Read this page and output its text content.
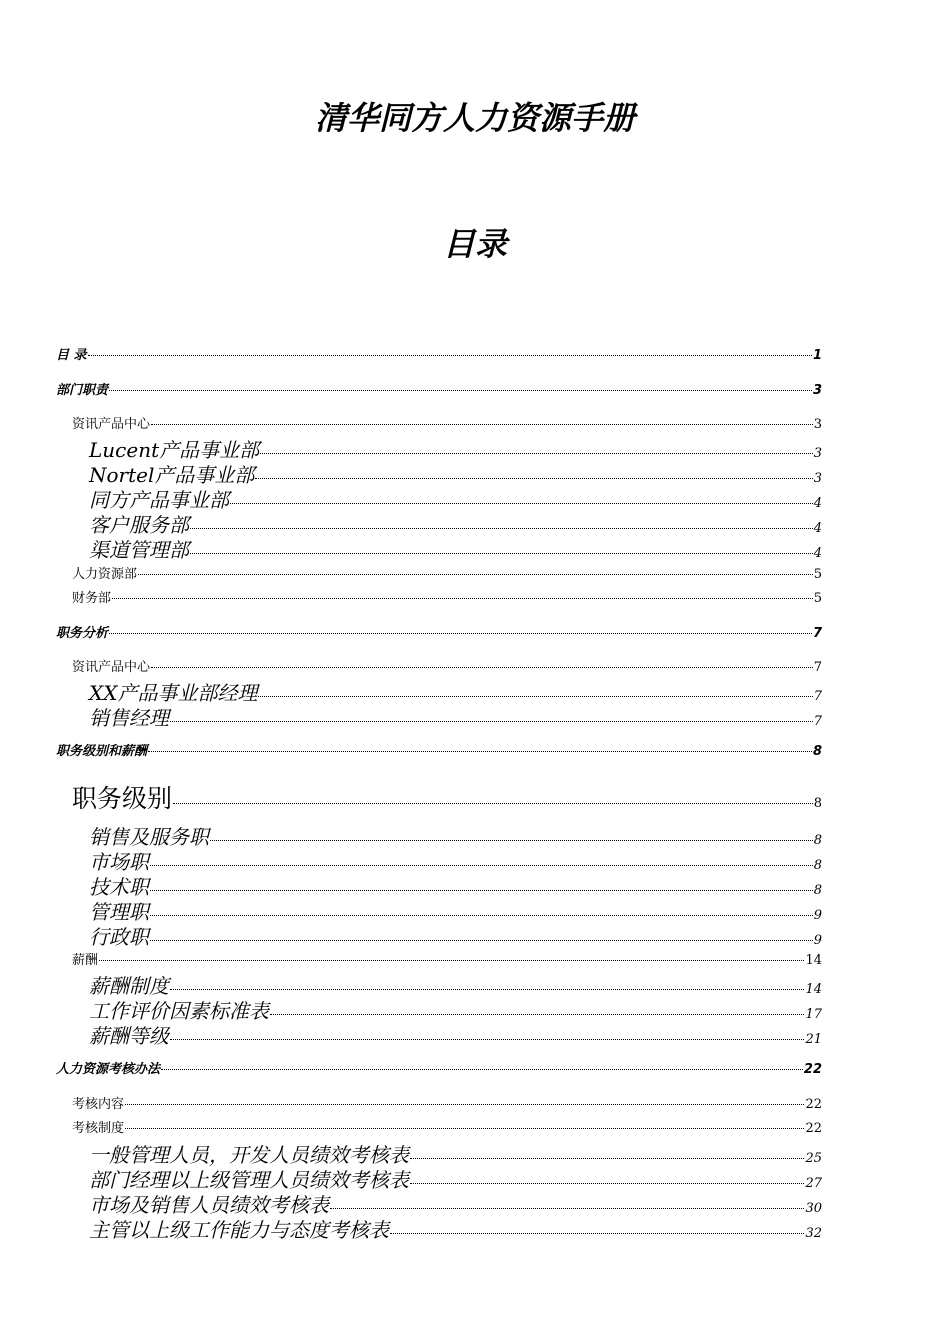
清华同方人力资源手册
目录
目 录	1
部门职责	3
资讯产品中心	3
Lucent产品事业部	3
Nortel产品事业部	3
同方产品事业部	4
客户服务部	4
渠道管理部	4
人力资源部	5
财务部	5
职务分析	7
资讯产品中心	7
XX产品事业部经理	7
销售经理	7
职务级别和薪酬	8
职务级别	8
销售及服务职	8
市场职	8
技术职	8
管理职	9
行政职	9
薪酬	14
薪酬制度	14
工作评价因素标准表	17
薪酬等级	21
人力资源考核办法	22
考核内容	22
考核制度	22
一般管理人员，开发人员绩效考核表	25
部门经理以上级管理人员绩效考核表	27
市场及销售人员绩效考核表	30
主管以上级工作能力与态度考核表	32
